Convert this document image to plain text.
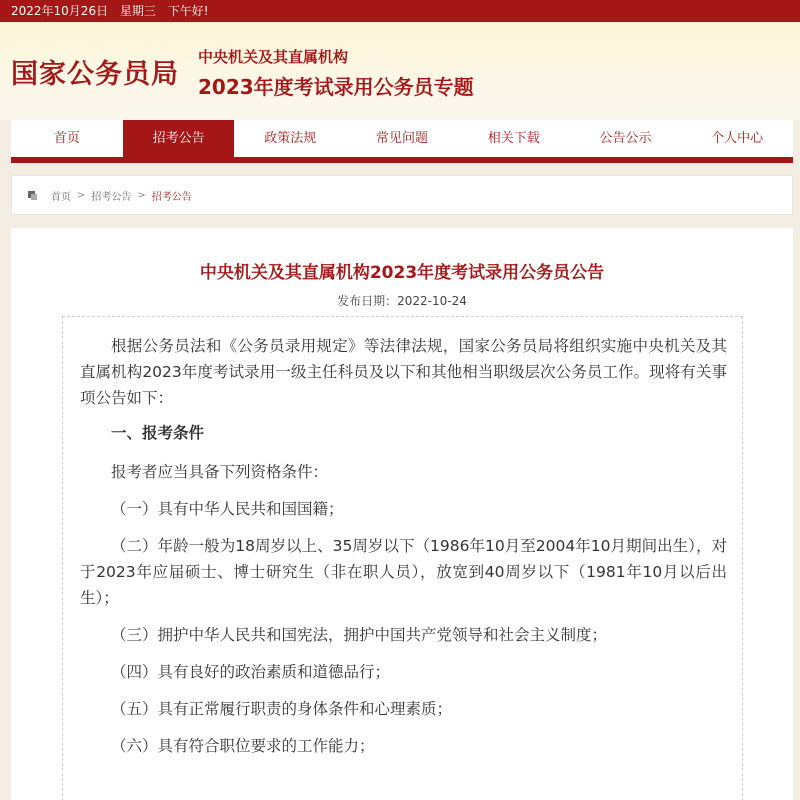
2022年10月26日 星期三 下午好!
国家公务员局
中央机关及其直属机构
2023年度考试录用公务员专题
首页	招考公告	政策法规	常见问题	相关下载	公告公示	个人中心
首页 > 招考公告 > 招考公告
中央机关及其直属机构2023年度考试录用公务员公告
发布日期：2022-10-24

根据公务员法和《公务员录用规定》等法律法规，国家公务员局将组织实施中央机关及其直属机构2023年度考试录用一级主任科员及以下和其他相当职级层次公务员工作。现将有关事项公告如下：

一、报考条件

报考者应当具备下列资格条件：

（一）具有中华人民共和国国籍；

（二）年龄一般为18周岁以上、35周岁以下（1986年10月至2004年10月期间出生），对于2023年应届硕士、博士研究生（非在职人员），放宽到40周岁以下（1981年10月以后出生）；

（三）拥护中华人民共和国宪法，拥护中国共产党领导和社会主义制度；

（四）具有良好的政治素质和道德品行；

（五）具有正常履行职责的身体条件和心理素质；

（六）具有符合职位要求的工作能力；
